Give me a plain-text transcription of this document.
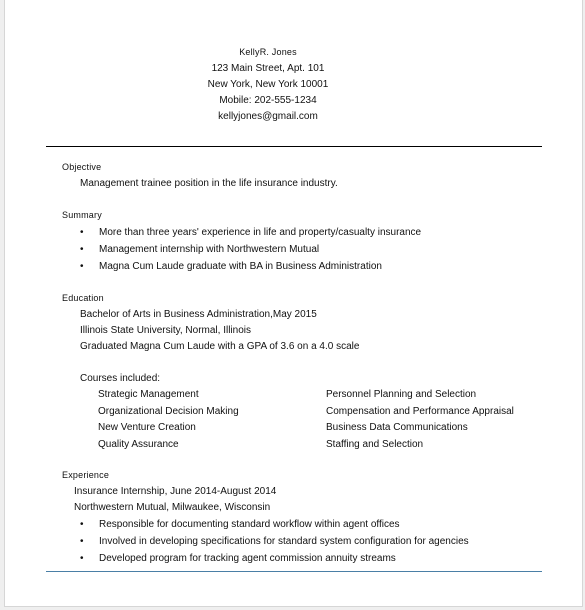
KellyR. Jones
123 Main Street, Apt. 101
New York, New York 10001
Mobile: 202-555-1234
kellyjones@gmail.com
Objective
Management trainee position in the life insurance industry.
Summary
• More than three years' experience in life and property/casualty insurance
• Management internship with Northwestern Mutual
• Magna Cum Laude graduate with BA in Business Administration
Education
Bachelor of Arts in Business Administration,May 2015
Illinois State University, Normal, Illinois
Graduated Magna Cum Laude with a GPA of 3.6 on a 4.0 scale
Courses included:
Strategic Management
Organizational Decision Making
New Venture Creation
Quality Assurance
Personnel Planning and Selection
Compensation and Performance Appraisal
Business Data Communications
Staffing and Selection
Experience
Insurance Internship, June 2014-August 2014
Northwestern Mutual, Milwaukee, Wisconsin
• Responsible for documenting standard workflow within agent offices
• Involved in developing specifications for standard system configuration for agencies
• Developed program for tracking agent commission annuity streams
